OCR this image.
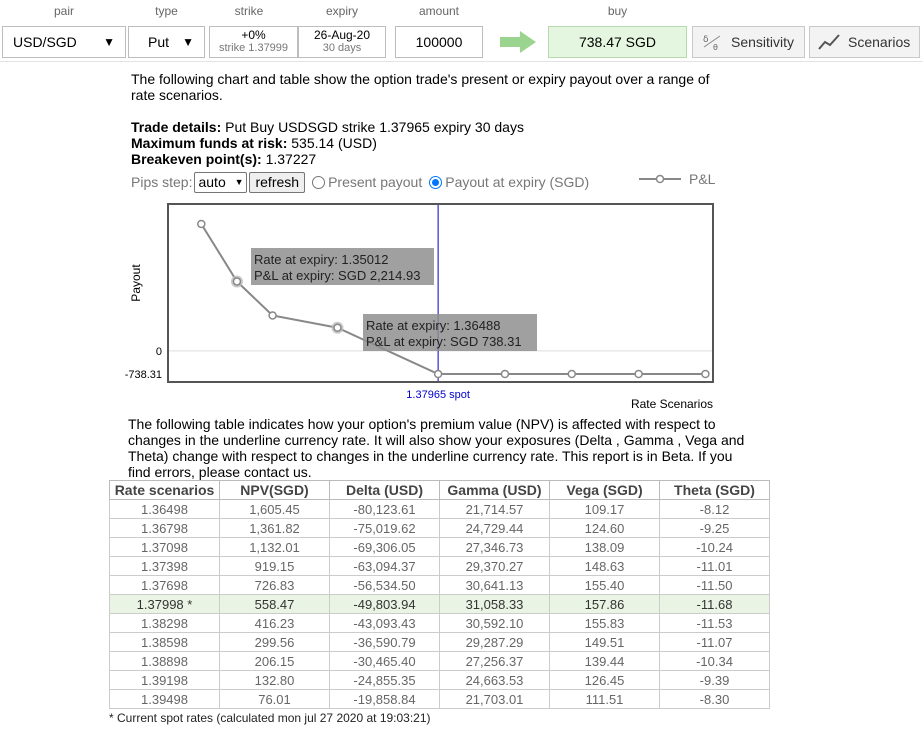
pair	type	strike	expiry	amount	buy
USD/SGD ▼ Put ▼	+0%
strike 1.37999
26-Aug-20
30 days	100000	738.47 SGD	δ
θ Sensitivity	Scenarios
The following chart and table show the option trade's present or expiry payout over a range of rate scenarios.
Trade details: Put Buy USDSGD strike 1.37965 expiry 30 days
Maximum funds at risk: 535.14 (USD)
Breakeven point(s): 1.37227
Pips step: auto ▼ refresh	Present payout Payout at expiry (SGD)	P&L
Payout
0
-738.31
1.37965 spot
Rate Scenarios
Rate at expiry: 1.35012
P&L at expiry: SGD 2,214.93
Rate at expiry: 1.36488
P&L at expiry: SGD 738.31
The following table indicates how your option's premium value (NPV) is affected with respect to changes in the underline currency rate. It will also show your exposures (Delta , Gamma , Vega and Theta) change with respect to changes in the underline currency rate. This report is in Beta. If you find errors, please contact us.
Rate scenarios	NPV(SGD)	Delta (USD)	Gamma (USD)	Vega (SGD)	Theta (SGD)
1.36498	1,605.45	-80,123.61	21,714.57	109.17	-8.12
1.36798	1,361.82	-75,019.62	24,729.44	124.60	-9.25
1.37098	1,132.01	-69,306.05	27,346.73	138.09	-10.24
1.37398	919.15	-63,094.37	29,370.27	148.63	-11.01
1.37698	726.83	-56,534.50	30,641.13	155.40	-11.50
1.37998 *	558.47	-49,803.94	31,058.33	157.86	-11.68
1.38298	416.23	-43,093.43	30,592.10	155.83	-11.53
1.38598	299.56	-36,590.79	29,287.29	149.51	-11.07
1.38898	206.15	-30,465.40	27,256.37	139.44	-10.34
1.39198	132.80	-24,855.35	24,663.53	126.45	-9.39
1.39498	76.01	-19,858.84	21,703.01	111.51	-8.30
* Current spot rates (calculated mon jul 27 2020 at 19:03:21)
